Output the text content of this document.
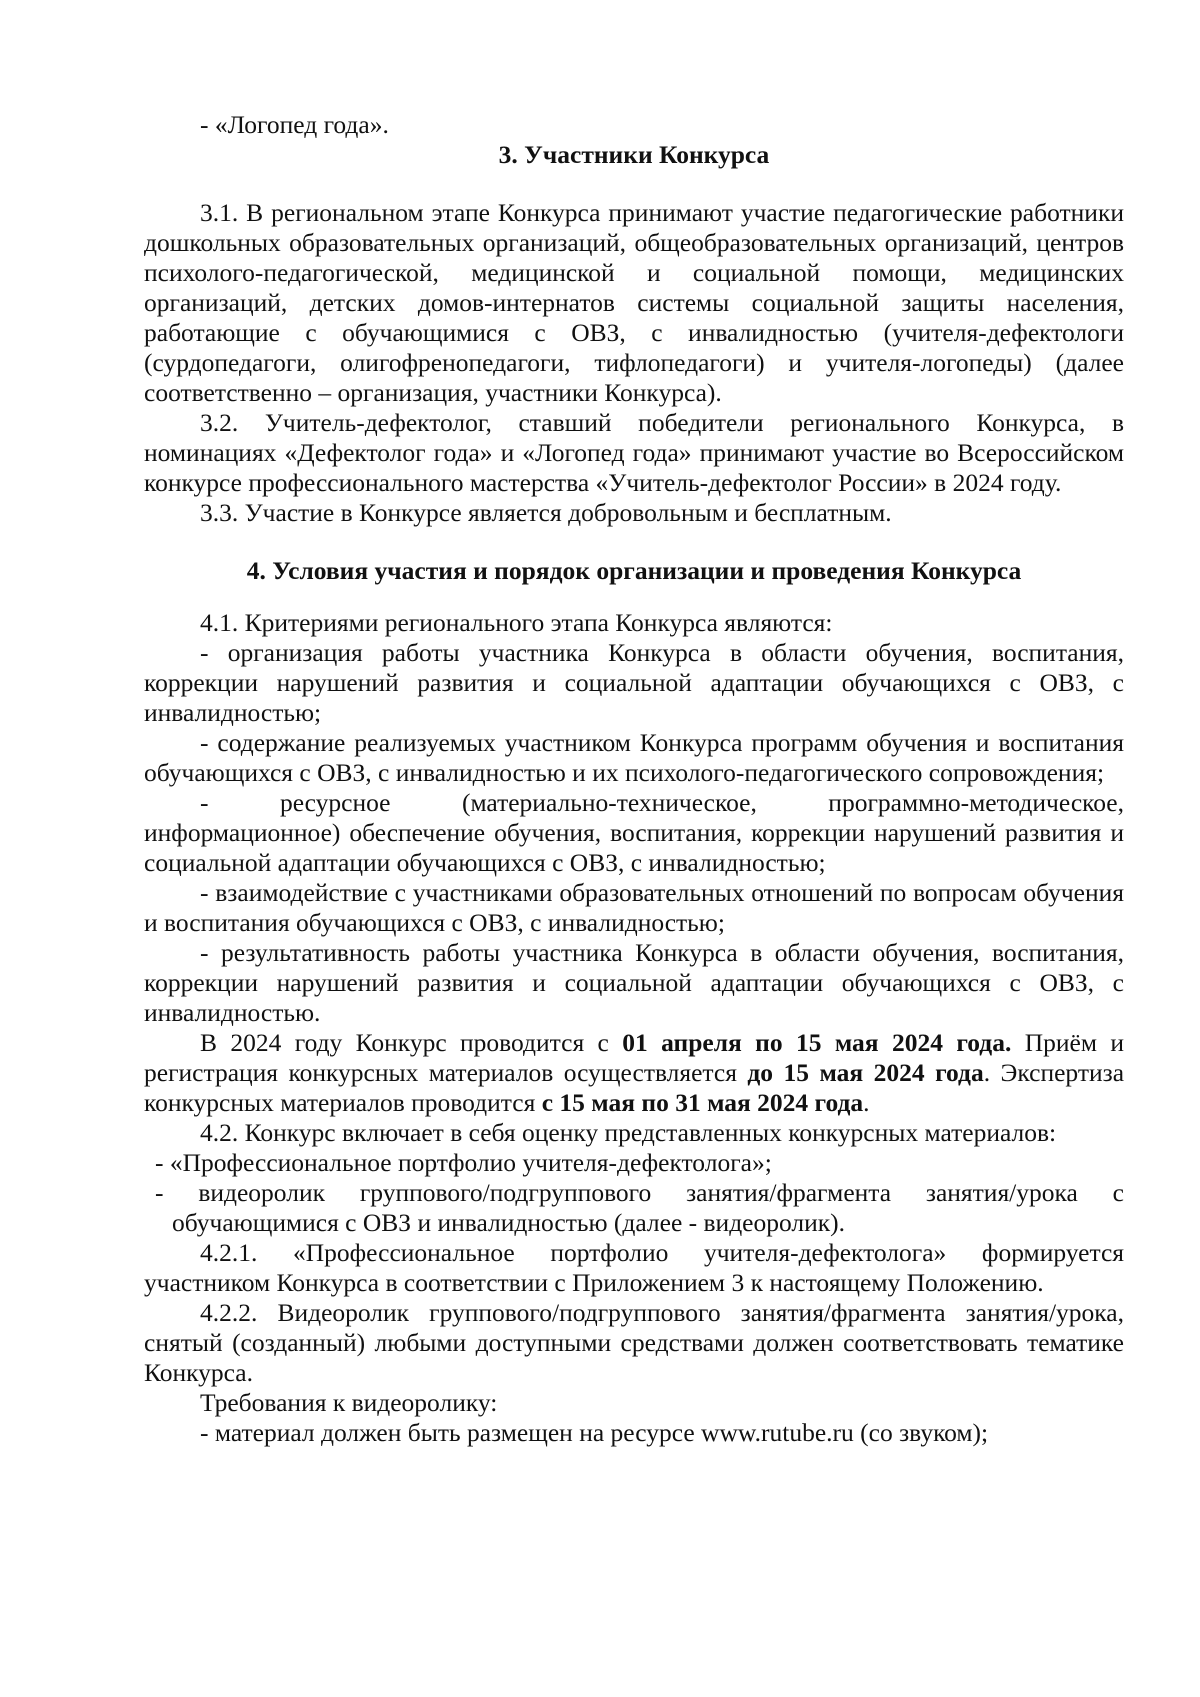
- «Логопед года».

3. Участники Конкурса

3.1. В региональном этапе Конкурса принимают участие педагогические работники дошкольных образовательных организаций, общеобразовательных организаций, центров психолого-педагогической, медицинской и социальной помощи, медицинских организаций, детских домов-интернатов системы социальной защиты населения, работающие с обучающимися с ОВЗ, с инвалидностью (учителя-дефектологи (сурдопедагоги, олигофренопедагоги, тифлопедагоги) и учителя-логопеды) (далее соответственно – организация, участники Конкурса).

3.2. Учитель-дефектолог, ставший победители регионального Конкурса, в номинациях «Дефектолог года» и «Логопед года» принимают участие во Всероссийском конкурсе профессионального мастерства «Учитель-дефектолог России» в 2024 году.

3.3. Участие в Конкурсе является добровольным и бесплатным.

4. Условия участия и порядок организации и проведения Конкурса

4.1. Критериями регионального этапа Конкурса являются:

- организация работы участника Конкурса в области обучения, воспитания, коррекции нарушений развития и социальной адаптации обучающихся с ОВЗ, с инвалидностью;

- содержание реализуемых участником Конкурса программ обучения и воспитания обучающихся с ОВЗ, с инвалидностью и их психолого-педагогического сопровождения;

- ресурсное (материально-техническое, программно-методическое, информационное) обеспечение обучения, воспитания, коррекции нарушений развития и социальной адаптации обучающихся с ОВЗ, с инвалидностью;

- взаимодействие с участниками образовательных отношений по вопросам обучения и воспитания обучающихся с ОВЗ, с инвалидностью;

- результативность работы участника Конкурса в области обучения, воспитания, коррекции нарушений развития и социальной адаптации обучающихся с ОВЗ, с инвалидностью.

В 2024 году Конкурс проводится с 01 апреля по 15 мая 2024 года. Приём и регистрация конкурсных материалов осуществляется до 15 мая 2024 года. Экспертиза конкурсных материалов проводится с 15 мая по 31 мая 2024 года.

4.2. Конкурс включает в себя оценку представленных конкурсных материалов:

- «Профессиональное портфолио учителя-дефектолога»;

- видеоролик группового/подгруппового занятия/фрагмента занятия/урока с обучающимися с ОВЗ и инвалидностью (далее - видеоролик).

4.2.1. «Профессиональное портфолио учителя-дефектолога» формируется участником Конкурса в соответствии с Приложением 3 к настоящему Положению.

4.2.2. Видеоролик группового/подгруппового занятия/фрагмента занятия/урока, снятый (созданный) любыми доступными средствами должен соответствовать тематике Конкурса.

Требования к видеоролику:

- материал должен быть размещен на ресурсе www.rutube.ru (со звуком);
